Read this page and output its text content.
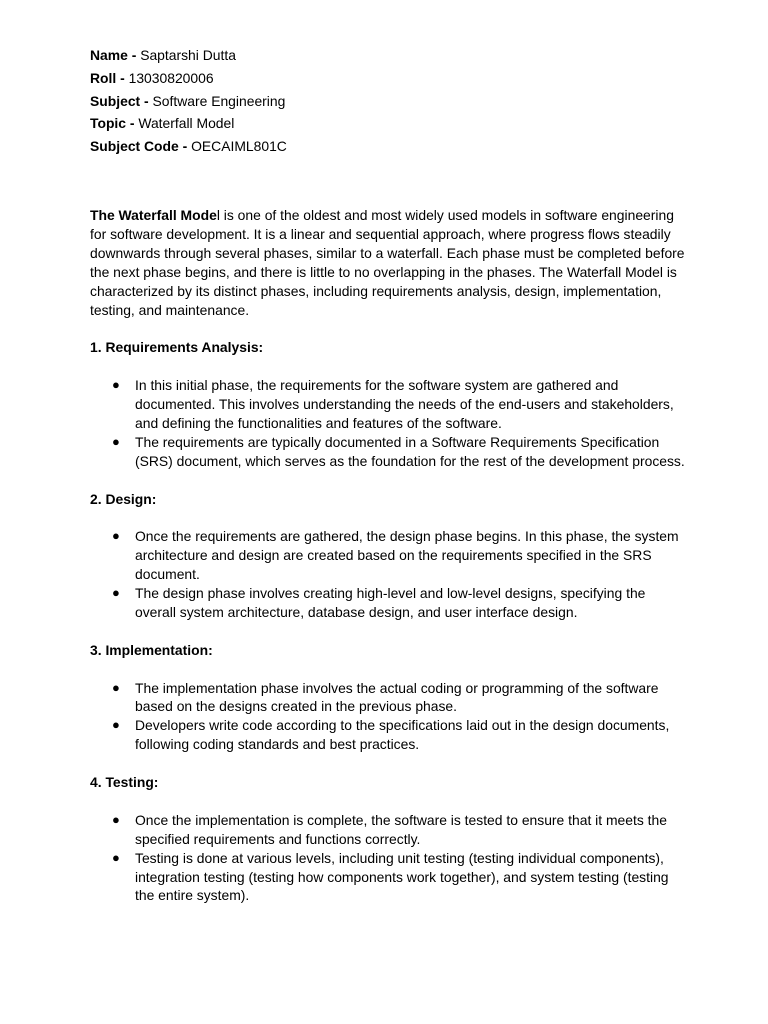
Name - Saptarshi Dutta
Roll - 13030820006
Subject - Software Engineering
Topic - Waterfall Model
Subject Code - OECAIML801C

The Waterfall Model is one of the oldest and most widely used models in software engineering for software development. It is a linear and sequential approach, where progress flows steadily downwards through several phases, similar to a waterfall. Each phase must be completed before the next phase begins, and there is little to no overlapping in the phases. The Waterfall Model is characterized by its distinct phases, including requirements analysis, design, implementation, testing, and maintenance.

1. Requirements Analysis:
● In this initial phase, the requirements for the software system are gathered and documented. This involves understanding the needs of the end-users and stakeholders, and defining the functionalities and features of the software.
● The requirements are typically documented in a Software Requirements Specification (SRS) document, which serves as the foundation for the rest of the development process.
2. Design:
● Once the requirements are gathered, the design phase begins. In this phase, the system architecture and design are created based on the requirements specified in the SRS document.
● The design phase involves creating high-level and low-level designs, specifying the overall system architecture, database design, and user interface design.
3. Implementation:
● The implementation phase involves the actual coding or programming of the software based on the designs created in the previous phase.
● Developers write code according to the specifications laid out in the design documents, following coding standards and best practices.
4. Testing:
● Once the implementation is complete, the software is tested to ensure that it meets the specified requirements and functions correctly.
● Testing is done at various levels, including unit testing (testing individual components), integration testing (testing how components work together), and system testing (testing the entire system).
